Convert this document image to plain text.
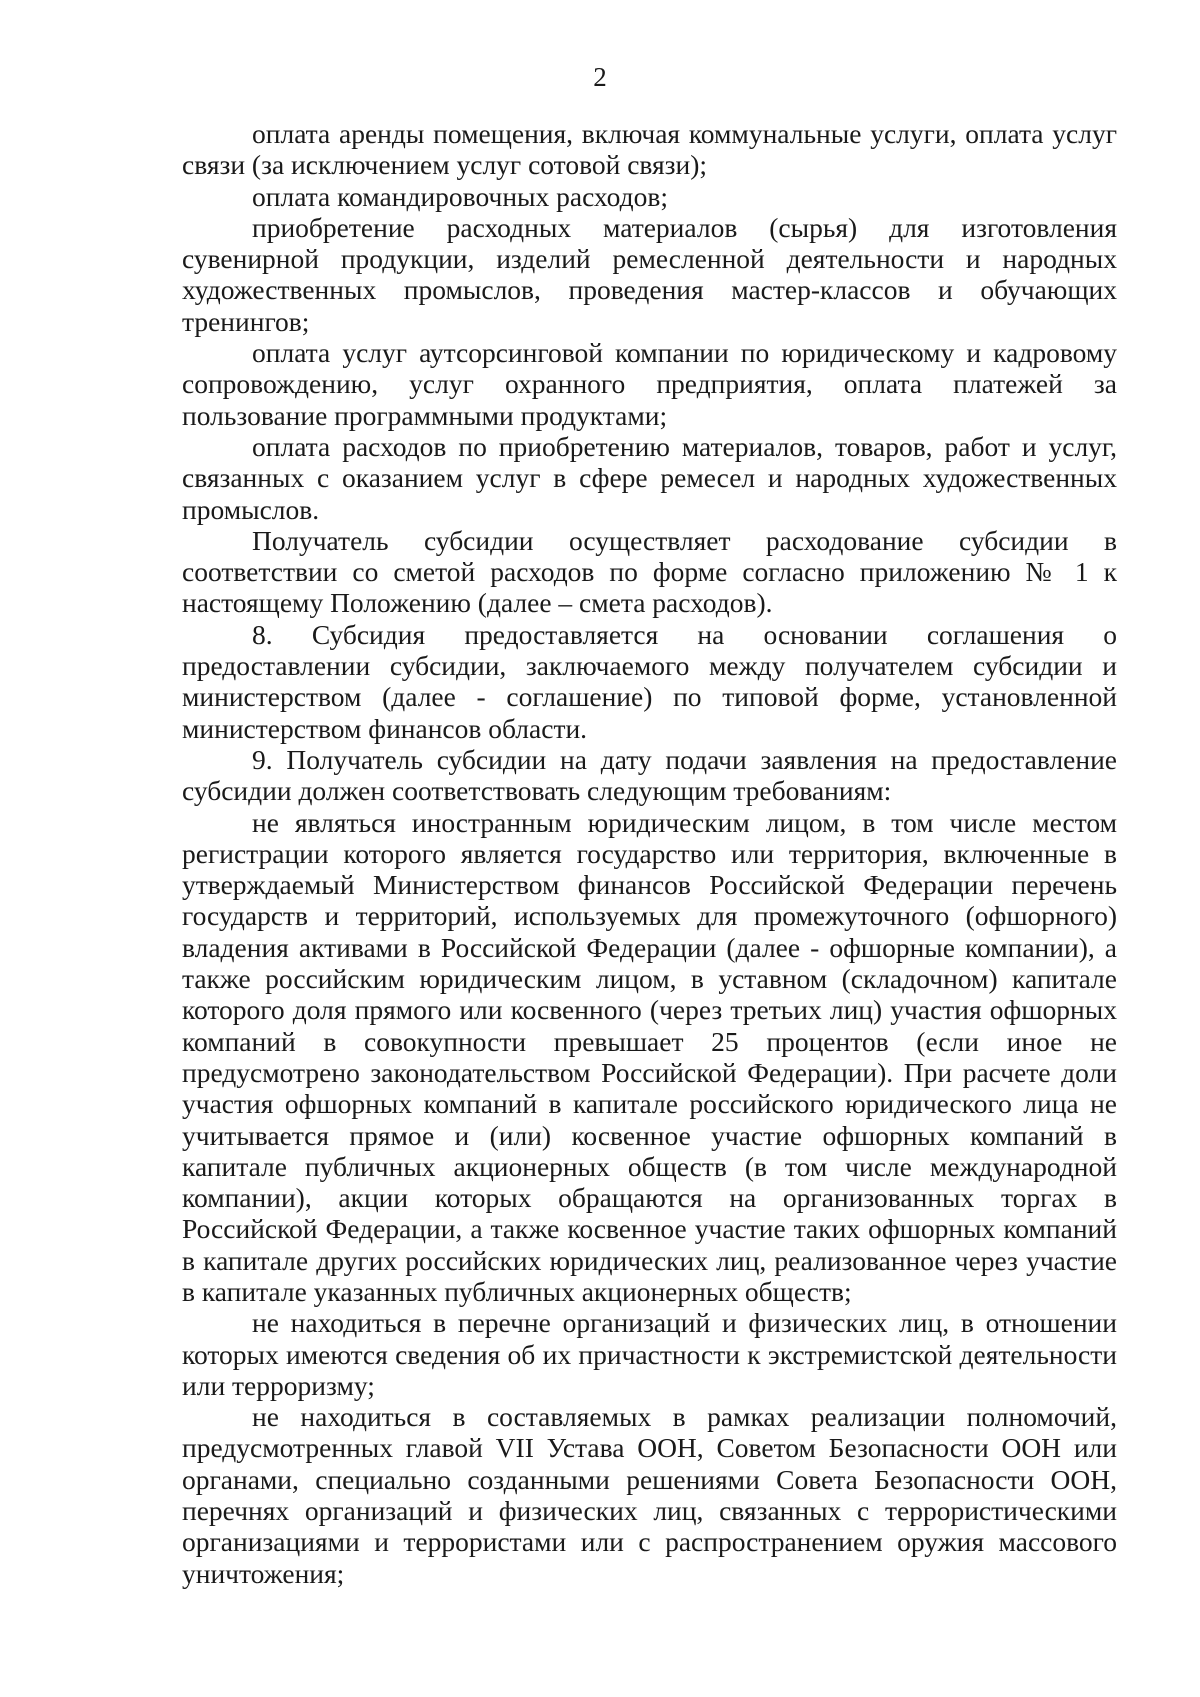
2

оплата аренды помещения, включая коммунальные услуги, оплата услуг связи (за исключением услуг сотовой связи);

оплата командировочных расходов;

приобретение расходных материалов (сырья) для изготовления сувенирной продукции, изделий ремесленной деятельности и народных художественных промыслов, проведения мастер-классов и обучающих тренингов;

оплата услуг аутсорсинговой компании по юридическому и кадровому сопровождению, услуг охранного предприятия, оплата платежей за пользование программными продуктами;

оплата расходов по приобретению материалов, товаров, работ и услуг, связанных с оказанием услуг в сфере ремесел и народных художественных промыслов.

Получатель субсидии осуществляет расходование субсидии в соответствии со сметой расходов по форме согласно приложению № 1 к настоящему Положению (далее – смета расходов).

8. Субсидия предоставляется на основании соглашения о предоставлении субсидии, заключаемого между получателем субсидии и министерством (далее - соглашение) по типовой форме, установленной министерством финансов области.

9. Получатель субсидии на дату подачи заявления на предоставление субсидии должен соответствовать следующим требованиям:

не являться иностранным юридическим лицом, в том числе местом регистрации которого является государство или территория, включенные в утверждаемый Министерством финансов Российской Федерации перечень государств и территорий, используемых для промежуточного (офшорного) владения активами в Российской Федерации (далее - офшорные компании), а также российским юридическим лицом, в уставном (складочном) капитале которого доля прямого или косвенного (через третьих лиц) участия офшорных компаний в совокупности превышает 25 процентов (если иное не предусмотрено законодательством Российской Федерации). При расчете доли участия офшорных компаний в капитале российского юридического лица не учитывается прямое и (или) косвенное участие офшорных компаний в капитале публичных акционерных обществ (в том числе международной компании), акции которых обращаются на организованных торгах в Российской Федерации, а также косвенное участие таких офшорных компаний в капитале других российских юридических лиц, реализованное через участие в капитале указанных публичных акционерных обществ;

не находиться в перечне организаций и физических лиц, в отношении которых имеются сведения об их причастности к экстремистской деятельности или терроризму;

не находиться в составляемых в рамках реализации полномочий, предусмотренных главой VII Устава ООН, Советом Безопасности ООН или органами, специально созданными решениями Совета Безопасности ООН, перечнях организаций и физических лиц, связанных с террористическими организациями и террористами или с распространением оружия массового уничтожения;
